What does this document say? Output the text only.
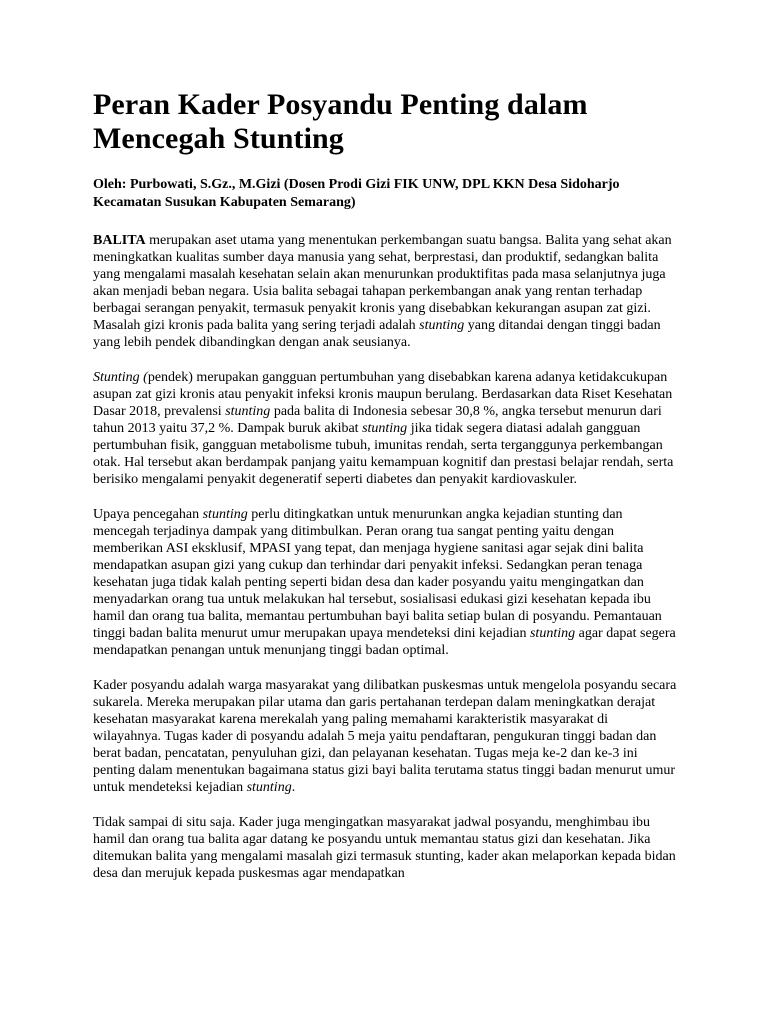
Peran Kader Posyandu Penting dalam Mencegah Stunting
Oleh: Purbowati, S.Gz., M.Gizi (Dosen Prodi Gizi FIK UNW, DPL KKN Desa Sidoharjo Kecamatan Susukan Kabupaten Semarang)

BALITA merupakan aset utama yang menentukan perkembangan suatu bangsa. Balita yang sehat akan meningkatkan kualitas sumber daya manusia yang sehat, berprestasi, dan produktif, sedangkan balita yang mengalami masalah kesehatan selain akan menurunkan produktifitas pada masa selanjutnya juga akan menjadi beban negara. Usia balita sebagai tahapan perkembangan anak yang rentan terhadap berbagai serangan penyakit, termasuk penyakit kronis yang disebabkan kekurangan asupan zat gizi. Masalah gizi kronis pada balita yang sering terjadi adalah stunting yang ditandai dengan tinggi badan yang lebih pendek dibandingkan dengan anak seusianya.

Stunting (pendek) merupakan gangguan pertumbuhan yang disebabkan karena adanya ketidakcukupan asupan zat gizi kronis atau penyakit infeksi kronis maupun berulang. Berdasarkan data Riset Kesehatan Dasar 2018, prevalensi stunting pada balita di Indonesia sebesar 30,8 %, angka tersebut menurun dari tahun 2013 yaitu 37,2 %. Dampak buruk akibat stunting jika tidak segera diatasi adalah gangguan pertumbuhan fisik, gangguan metabolisme tubuh, imunitas rendah, serta terganggunya perkembangan otak. Hal tersebut akan berdampak panjang yaitu kemampuan kognitif dan prestasi belajar rendah, serta berisiko mengalami penyakit degeneratif seperti diabetes dan penyakit kardiovaskuler.

Upaya pencegahan stunting perlu ditingkatkan untuk menurunkan angka kejadian stunting dan mencegah terjadinya dampak yang ditimbulkan. Peran orang tua sangat penting yaitu dengan memberikan ASI eksklusif, MPASI yang tepat, dan menjaga hygiene sanitasi agar sejak dini balita mendapatkan asupan gizi yang cukup dan terhindar dari penyakit infeksi. Sedangkan peran tenaga kesehatan juga tidak kalah penting seperti bidan desa dan kader posyandu yaitu mengingatkan dan menyadarkan orang tua untuk melakukan hal tersebut, sosialisasi edukasi gizi kesehatan kepada ibu hamil dan orang tua balita, memantau pertumbuhan bayi balita setiap bulan di posyandu. Pemantauan tinggi badan balita menurut umur merupakan upaya mendeteksi dini kejadian stunting agar dapat segera mendapatkan penangan untuk menunjang tinggi badan optimal.

Kader posyandu adalah warga masyarakat yang dilibatkan puskesmas untuk mengelola posyandu secara sukarela. Mereka merupakan pilar utama dan garis pertahanan terdepan dalam meningkatkan derajat kesehatan masyarakat karena merekalah yang paling memahami karakteristik masyarakat di wilayahnya. Tugas kader di posyandu adalah 5 meja yaitu pendaftaran, pengukuran tinggi badan dan berat badan, pencatatan, penyuluhan gizi, dan pelayanan kesehatan. Tugas meja ke-2 dan ke-3 ini penting dalam menentukan bagaimana status gizi bayi balita terutama status tinggi badan menurut umur untuk mendeteksi kejadian stunting.

Tidak sampai di situ saja. Kader juga mengingatkan masyarakat jadwal posyandu, menghimbau ibu hamil dan orang tua balita agar datang ke posyandu untuk memantau status gizi dan kesehatan. Jika ditemukan balita yang mengalami masalah gizi termasuk stunting, kader akan melaporkan kepada bidan desa dan merujuk kepada puskesmas agar mendapatkan
